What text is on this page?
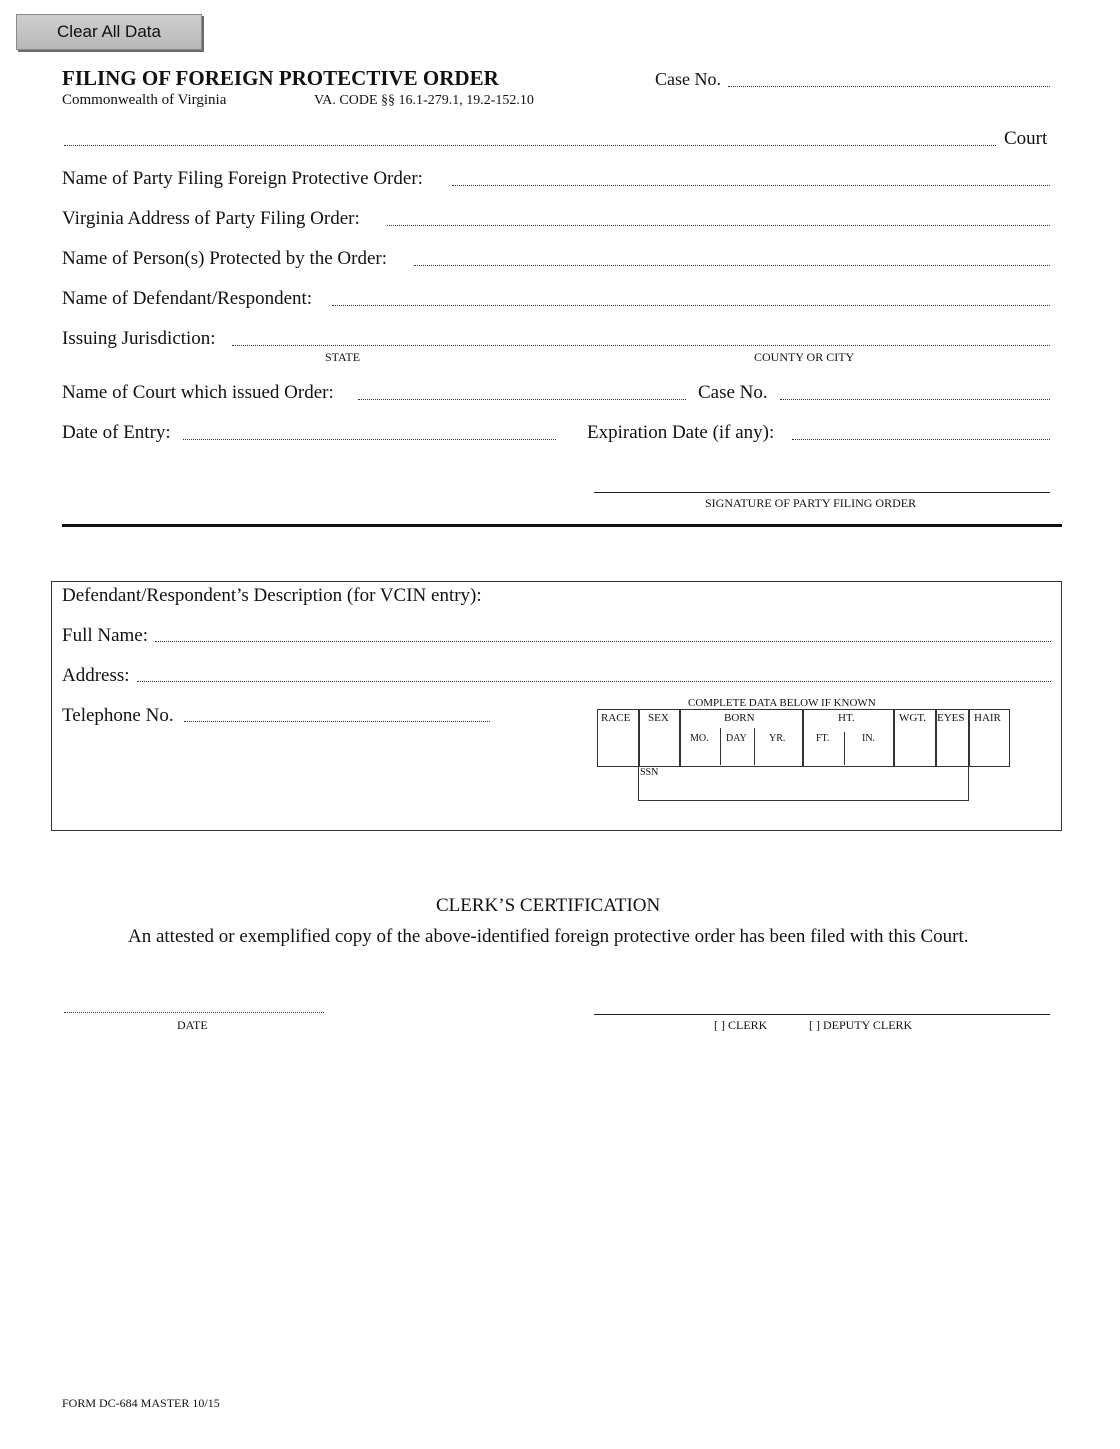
Clear All Data
FILING OF FOREIGN PROTECTIVE ORDER
Commonwealth of Virginia	VA. CODE §§ 16.1-279.1, 19.2-152.10
Case No.
Court
Name of Party Filing Foreign Protective Order:
Virginia Address of Party Filing Order:
Name of Person(s) Protected by the Order:
Name of Defendant/Respondent:
Issuing Jurisdiction:
STATE	COUNTY OR CITY
Name of Court which issued Order:	Case No.
Date of Entry:	Expiration Date (if any):
SIGNATURE OF PARTY FILING ORDER
Defendant/Respondent’s Description (for VCIN entry):
Full Name:
Address:
Telephone No.
COMPLETE DATA BELOW IF KNOWN
RACE SEX	BORN	HT.	WGT. EYES HAIR
MO. DAY YR.	FT.	IN.
SSN
CLERK’S CERTIFICATION
An attested or exemplified copy of the above-identified foreign protective order has been filed with this Court.
DATE	[ ] CLERK	[ ] DEPUTY CLERK
FORM DC-684 MASTER 10/15
